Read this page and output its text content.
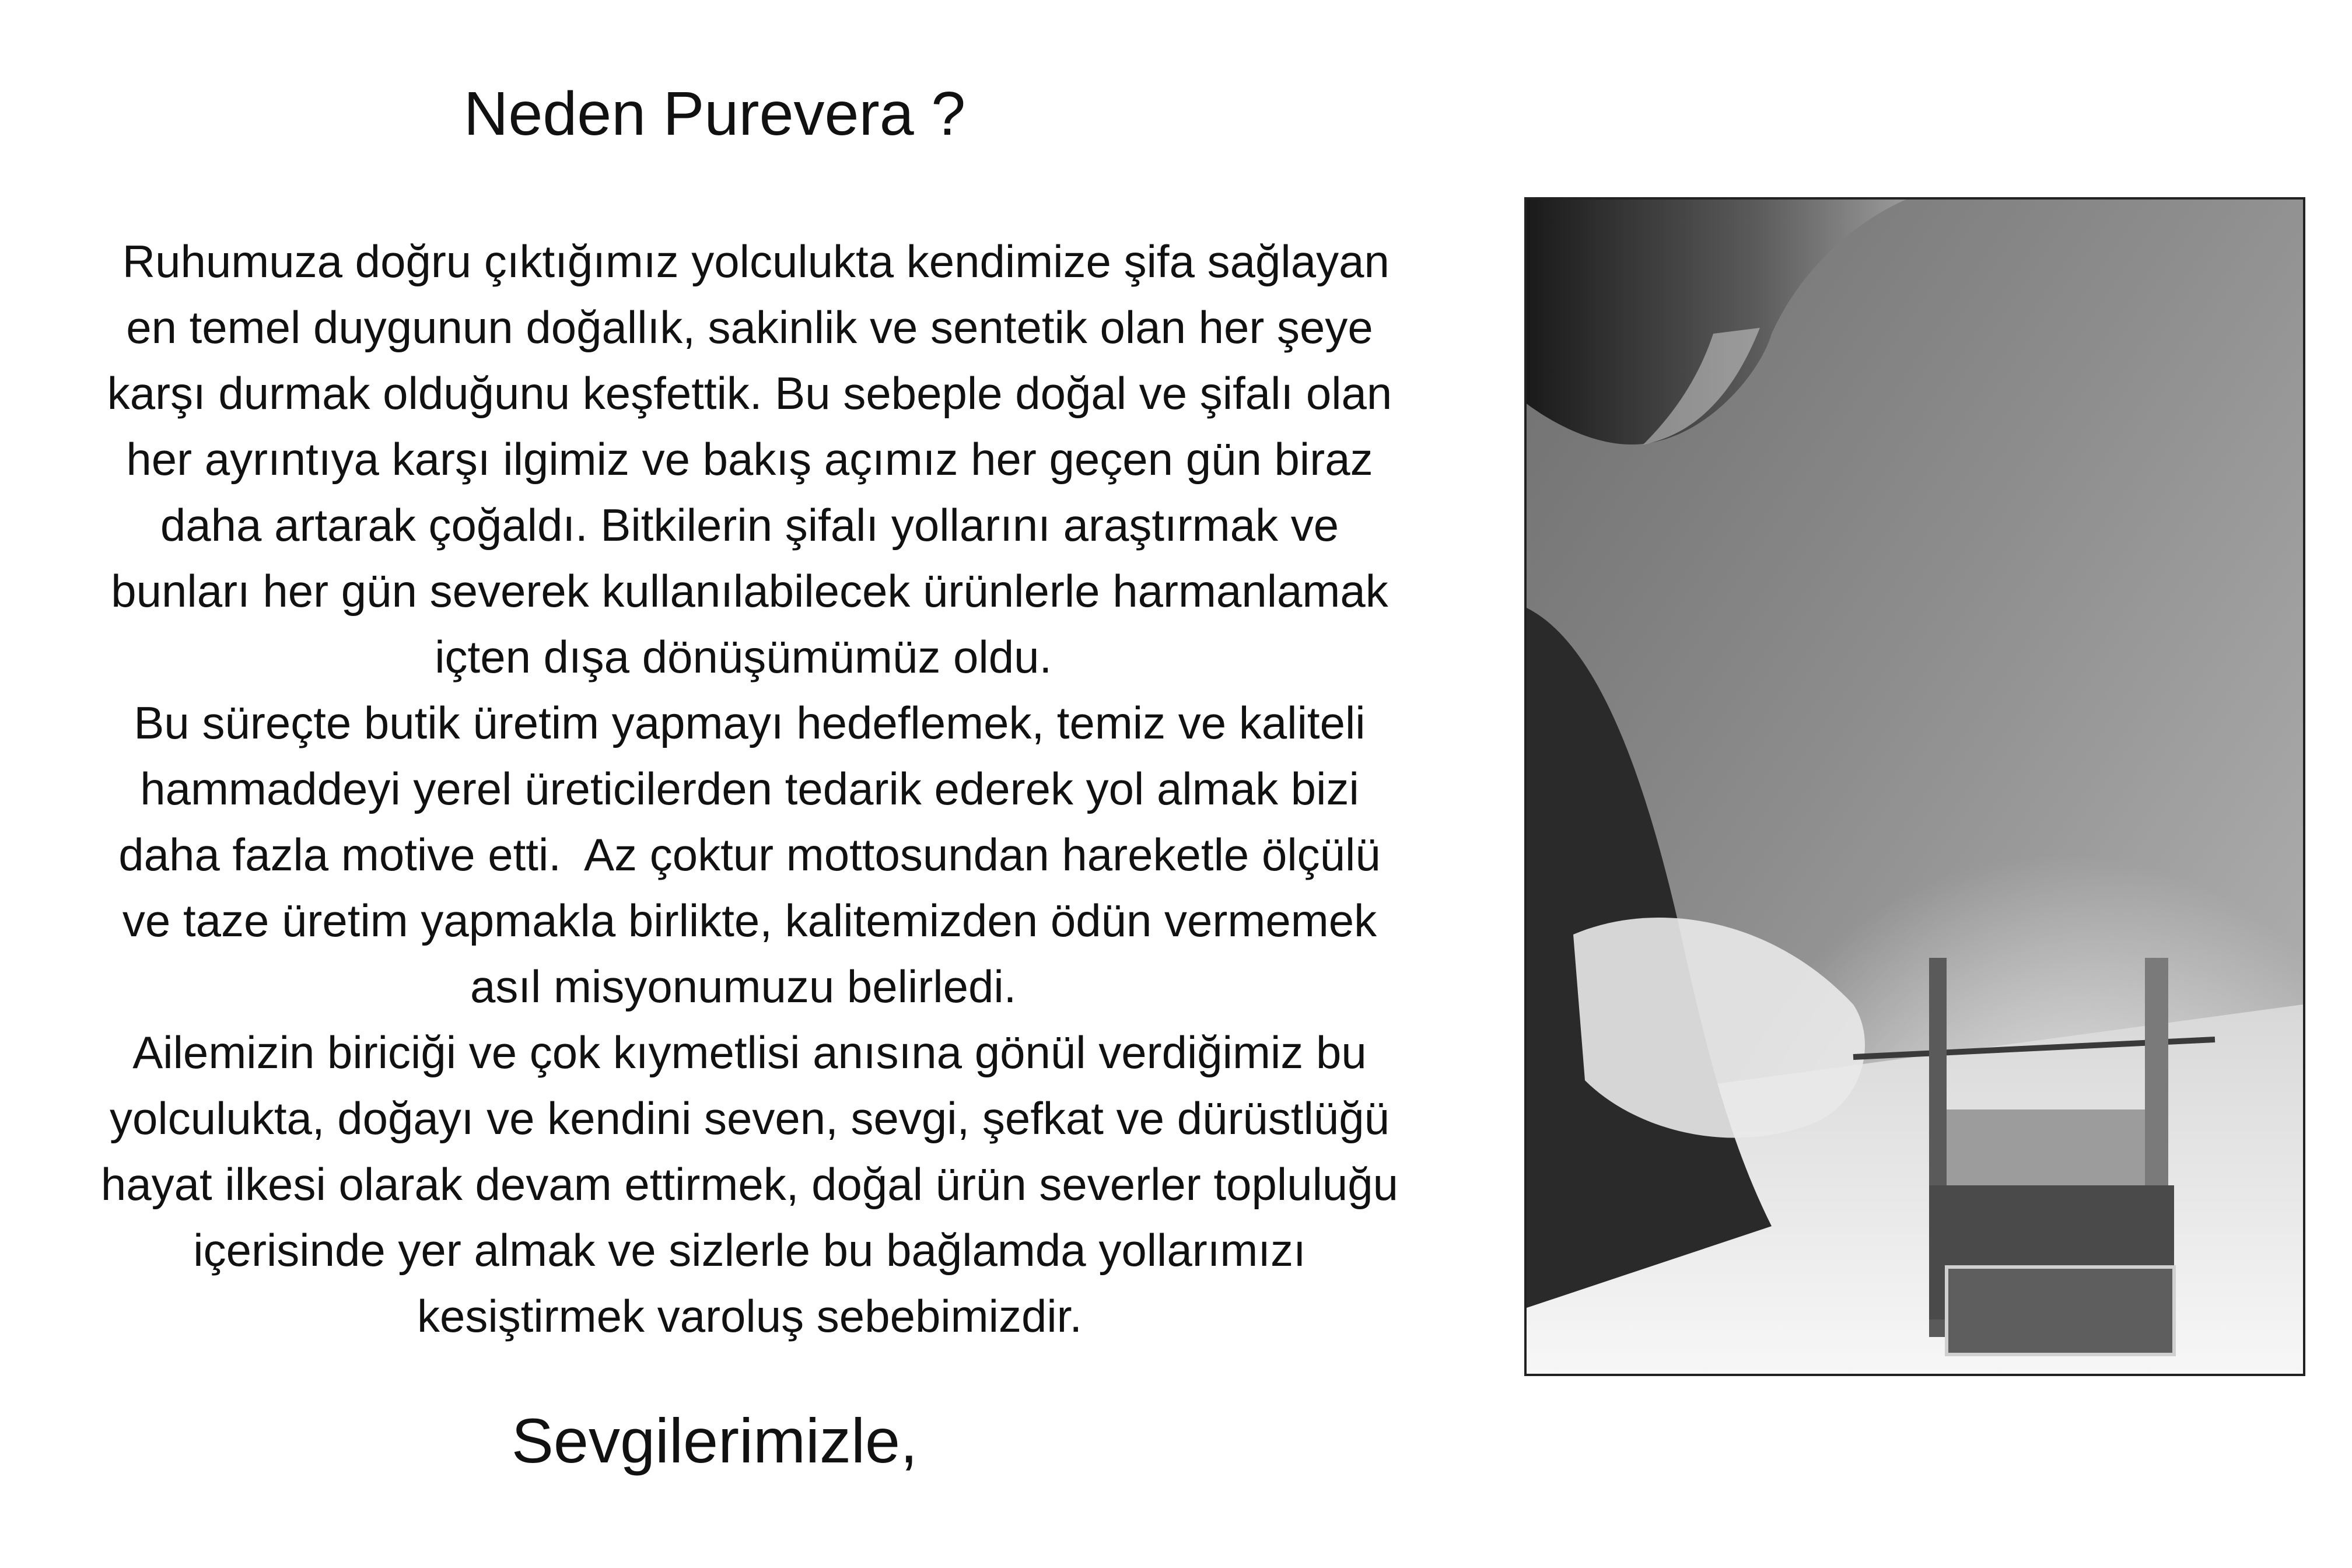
Neden Purevera ?
Ruhumuza doğru çıktığımız yolculukta kendimize şifa sağlayan
en temel duygunun doğallık, sakinlik ve sentetik olan her şeye
karşı durmak olduğunu keşfettik. Bu sebeple doğal ve şifalı olan
her ayrıntıya karşı ilgimiz ve bakış açımız her geçen gün biraz
daha artarak çoğaldı. Bitkilerin şifalı yollarını araştırmak ve
bunları her gün severek kullanılabilecek ürünlerle harmanlamak
içten dışa dönüşümümüz oldu.
Bu süreçte butik üretim yapmayı hedeflemek, temiz ve kaliteli
hammaddeyi yerel üreticilerden tedarik ederek yol almak bizi
daha fazla motive etti.  Az çoktur mottosundan hareketle ölçülü
ve taze üretim yapmakla birlikte, kalitemizden ödün vermemek
asıl misyonumuzu belirledi.
Ailemizin biriciği ve çok kıymetlisi anısına gönül verdiğimiz bu
yolculukta, doğayı ve kendini seven, sevgi, şefkat ve dürüstlüğü
hayat ilkesi olarak devam ettirmek, doğal ürün severler topluluğu
içerisinde yer almak ve sizlerle bu bağlamda yollarımızı
kesiştirmek varoluş sebebimizdir.

Sevgilerimizle,
